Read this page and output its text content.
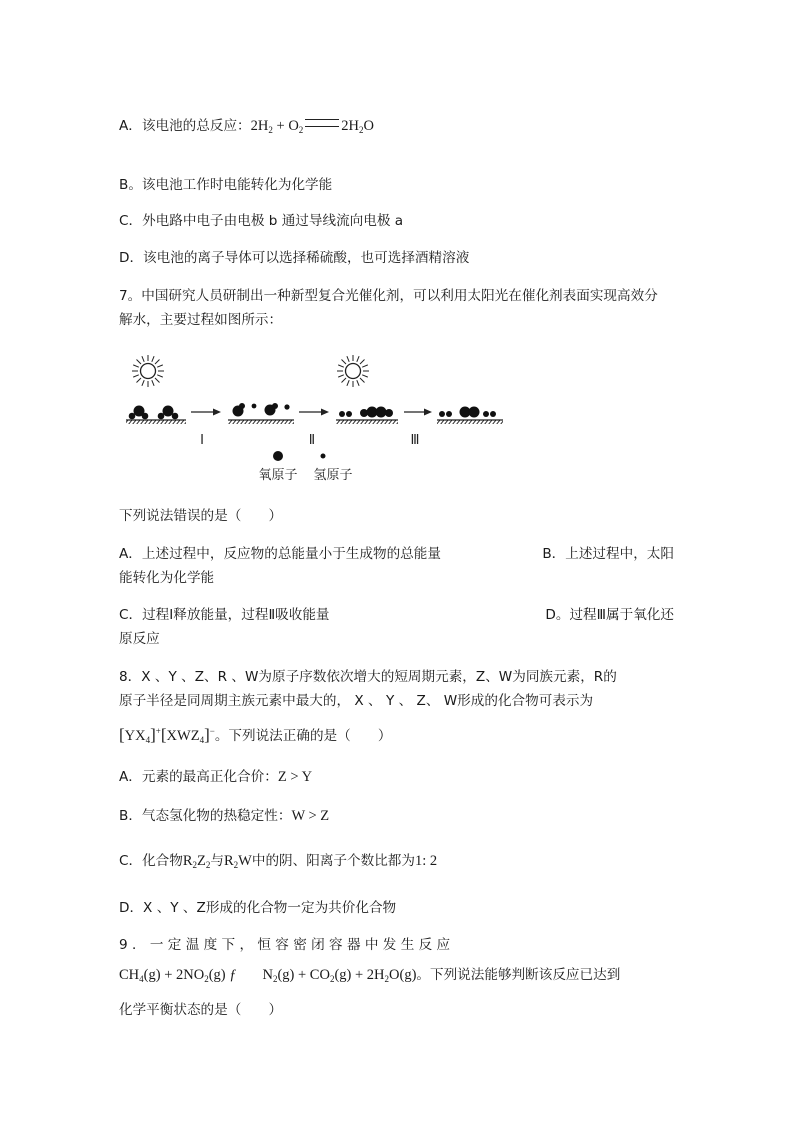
A．该电池的总反应：$2H_2 + O_2$	$2H_2O$
B。该电池工作时电能转化为化学能
C．外电路中电子由电极 b 通过导线流向电极 a
D．该电池的离子导体可以选择稀硫酸，也可选择酒精溶液
7。中国研究人员研制出一种新型复合光催化剂，可以利用太阳光在催化剂表面实现高效分
解水，主要过程如图所示：
Ⅰ	Ⅱ	Ⅲ
氧原子 氢原子
下列说法错误的是（　　）
A．上述过程中，反应物的总能量小于生成物的总能量	B．上述过程中，太阳
能转化为化学能
C．过程Ⅰ释放能量，过程Ⅱ吸收能量	D。过程Ⅲ属于氧化还
原反应
8．X 、Y 、Z、R 、W为原子序数依次增大的短周期元素，Z、W为同族元素，R的
原子半径是同周期主族元素中最大的， X 、 Y 、 Z、 W形成的化合物可表示为
$[YX_4]^+[XWZ_4]^-$。下列说法正确的是（　　）
A．元素的最高正化合价：Z > Y
B．气态氢化物的热稳定性：W > Z
C．化合物$R_2Z_2$与$R_2W$中的阴、阳离子个数比都为1: 2
D．X 、Y 、Z形成的化合物一定为共价化合物
9 ． 一 定 温 度 下 ， 恒 容 密 闭 容 器 中 发 生 反 应
$CH_4(g) + 2NO_2(g)$ ƒ $N_2(g) + CO_2(g) + 2H_2O(g)$。下列说法能够判断该反应已达到
化学平衡状态的是（　　）
